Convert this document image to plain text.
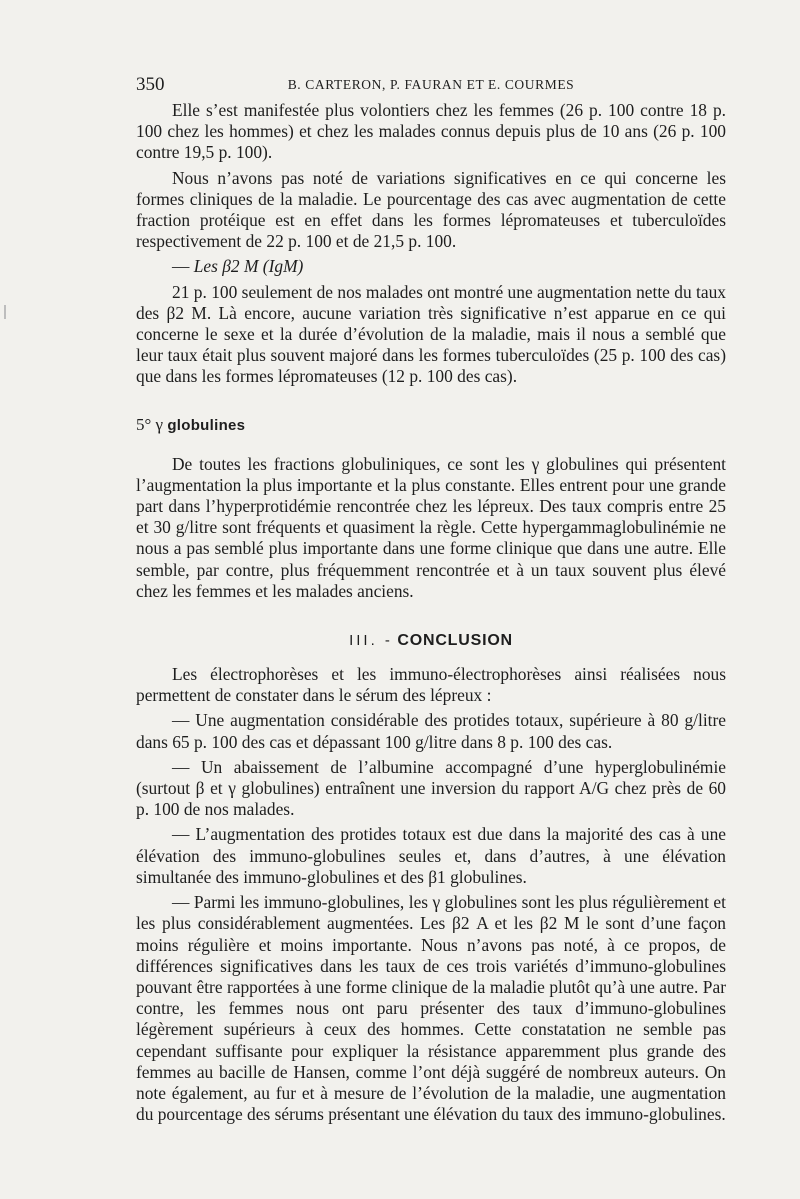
350	B. CARTERON, P. FAURAN ET E. COURMES

Elle s’est manifestée plus volontiers chez les femmes (26 p. 100 contre 18 p. 100 chez les hommes) et chez les malades connus depuis plus de 10 ans (26 p. 100 contre 19,5 p. 100).

Nous n’avons pas noté de variations significatives en ce qui concerne les formes cliniques de la maladie. Le pourcentage des cas avec augmentation de cette fraction protéique est en effet dans les formes lépromateuses et tuberculoïdes respectivement de 22 p. 100 et de 21,5 p. 100.

— Les β2 M (IgM)

21 p. 100 seulement de nos malades ont montré une augmentation nette du taux des β2 M. Là encore, aucune variation très significative n’est apparue en ce qui concerne le sexe et la durée d’évolution de la maladie, mais il nous a semblé que leur taux était plus souvent majoré dans les formes tuberculoïdes (25 p. 100 des cas) que dans les formes lépromateuses (12 p. 100 des cas).

5° γ globulines

De toutes les fractions globuliniques, ce sont les γ globulines qui présentent l’augmentation la plus importante et la plus constante. Elles entrent pour une grande part dans l’hyperprotidémie rencontrée chez les lépreux. Des taux compris entre 25 et 30 g/litre sont fréquents et quasiment la règle. Cette hypergammaglobulinémie ne nous a pas semblé plus importante dans une forme clinique que dans une autre. Elle semble, par contre, plus fréquemment rencontrée et à un taux souvent plus élevé chez les femmes et les malades anciens.

III. - CONCLUSION

Les électrophorèses et les immuno-électrophorèses ainsi réalisées nous permettent de constater dans le sérum des lépreux :

— Une augmentation considérable des protides totaux, supérieure à 80 g/litre dans 65 p. 100 des cas et dépassant 100 g/litre dans 8 p. 100 des cas.

— Un abaissement de l’albumine accompagné d’une hyperglobulinémie (surtout β et γ globulines) entraînent une inversion du rapport A/G chez près de 60 p. 100 de nos malades.

— L’augmentation des protides totaux est due dans la majorité des cas à une élévation des immuno-globulines seules et, dans d’autres, à une élévation simultanée des immuno-globulines et des β1 globulines.

— Parmi les immuno-globulines, les γ globulines sont les plus régulièrement et les plus considérablement augmentées. Les β2 A et les β2 M le sont d’une façon moins régulière et moins importante. Nous n’avons pas noté, à ce propos, de différences significatives dans les taux de ces trois variétés d’immuno-globulines pouvant être rapportées à une forme clinique de la maladie plutôt qu’à une autre. Par contre, les femmes nous ont paru présenter des taux d’immuno-globulines légèrement supérieurs à ceux des hommes. Cette constatation ne semble pas cependant suffisante pour expliquer la résistance apparemment plus grande des femmes au bacille de Hansen, comme l’ont déjà suggéré de nombreux auteurs. On note également, au fur et à mesure de l’évolution de la maladie, une augmentation du pourcentage des sérums présentant une élévation du taux des immuno-globulines.
